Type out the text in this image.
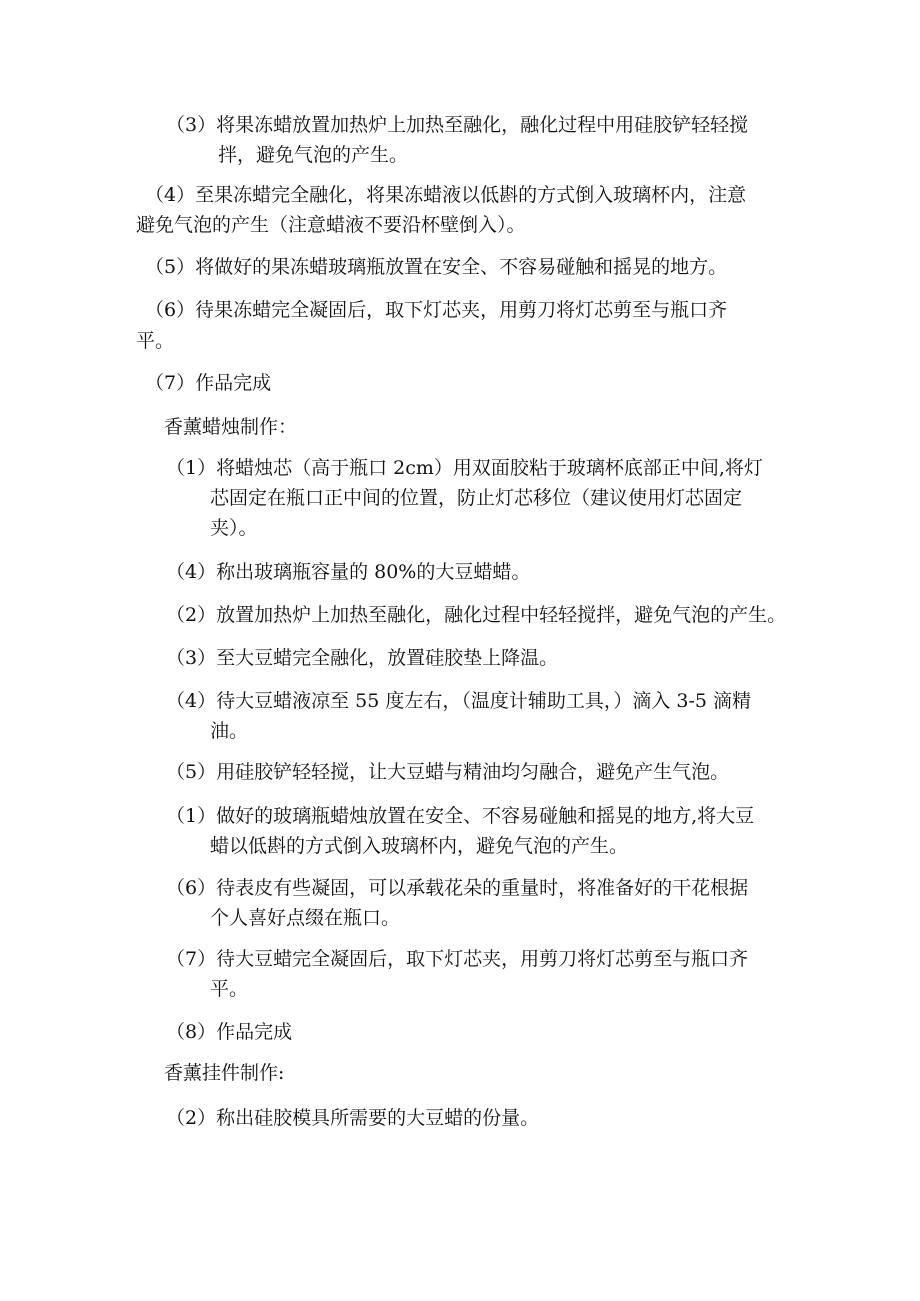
（3）将果冻蜡放置加热炉上加热至融化，融化过程中用硅胶铲轻轻搅
拌，避免气泡的产生。
（4）至果冻蜡完全融化，将果冻蜡液以低斟的方式倒入玻璃杯内，注意
避免气泡的产生（注意蜡液不要沿杯壁倒入）。
（5）将做好的果冻蜡玻璃瓶放置在安全、不容易碰触和摇晃的地方。
（6）待果冻蜡完全凝固后，取下灯芯夹，用剪刀将灯芯剪至与瓶口齐
平。
（7）作品完成
香薰蜡烛制作：
（1）将蜡烛芯（高于瓶口 2cm）用双面胶粘于玻璃杯底部正中间,将灯
芯固定在瓶口正中间的位置，防止灯芯移位（建议使用灯芯固定
夹）。
（4）称出玻璃瓶容量的 80%的大豆蜡蜡。
（2）放置加热炉上加热至融化，融化过程中轻轻搅拌，避免气泡的产生。
（3）至大豆蜡完全融化，放置硅胶垫上降温。
（4）待大豆蜡液凉至 55 度左右，（温度计辅助工具，）滴入 3-5 滴精
油。
（5）用硅胶铲轻轻搅，让大豆蜡与精油均匀融合，避免产生气泡。
（1）做好的玻璃瓶蜡烛放置在安全、不容易碰触和摇晃的地方,将大豆
蜡以低斟的方式倒入玻璃杯内，避免气泡的产生。
（6）待表皮有些凝固，可以承载花朵的重量时，将准备好的干花根据
个人喜好点缀在瓶口。
（7）待大豆蜡完全凝固后，取下灯芯夹，用剪刀将灯芯剪至与瓶口齐
平。
（8）作品完成
香薰挂件制作:
（2）称出硅胶模具所需要的大豆蜡的份量。
